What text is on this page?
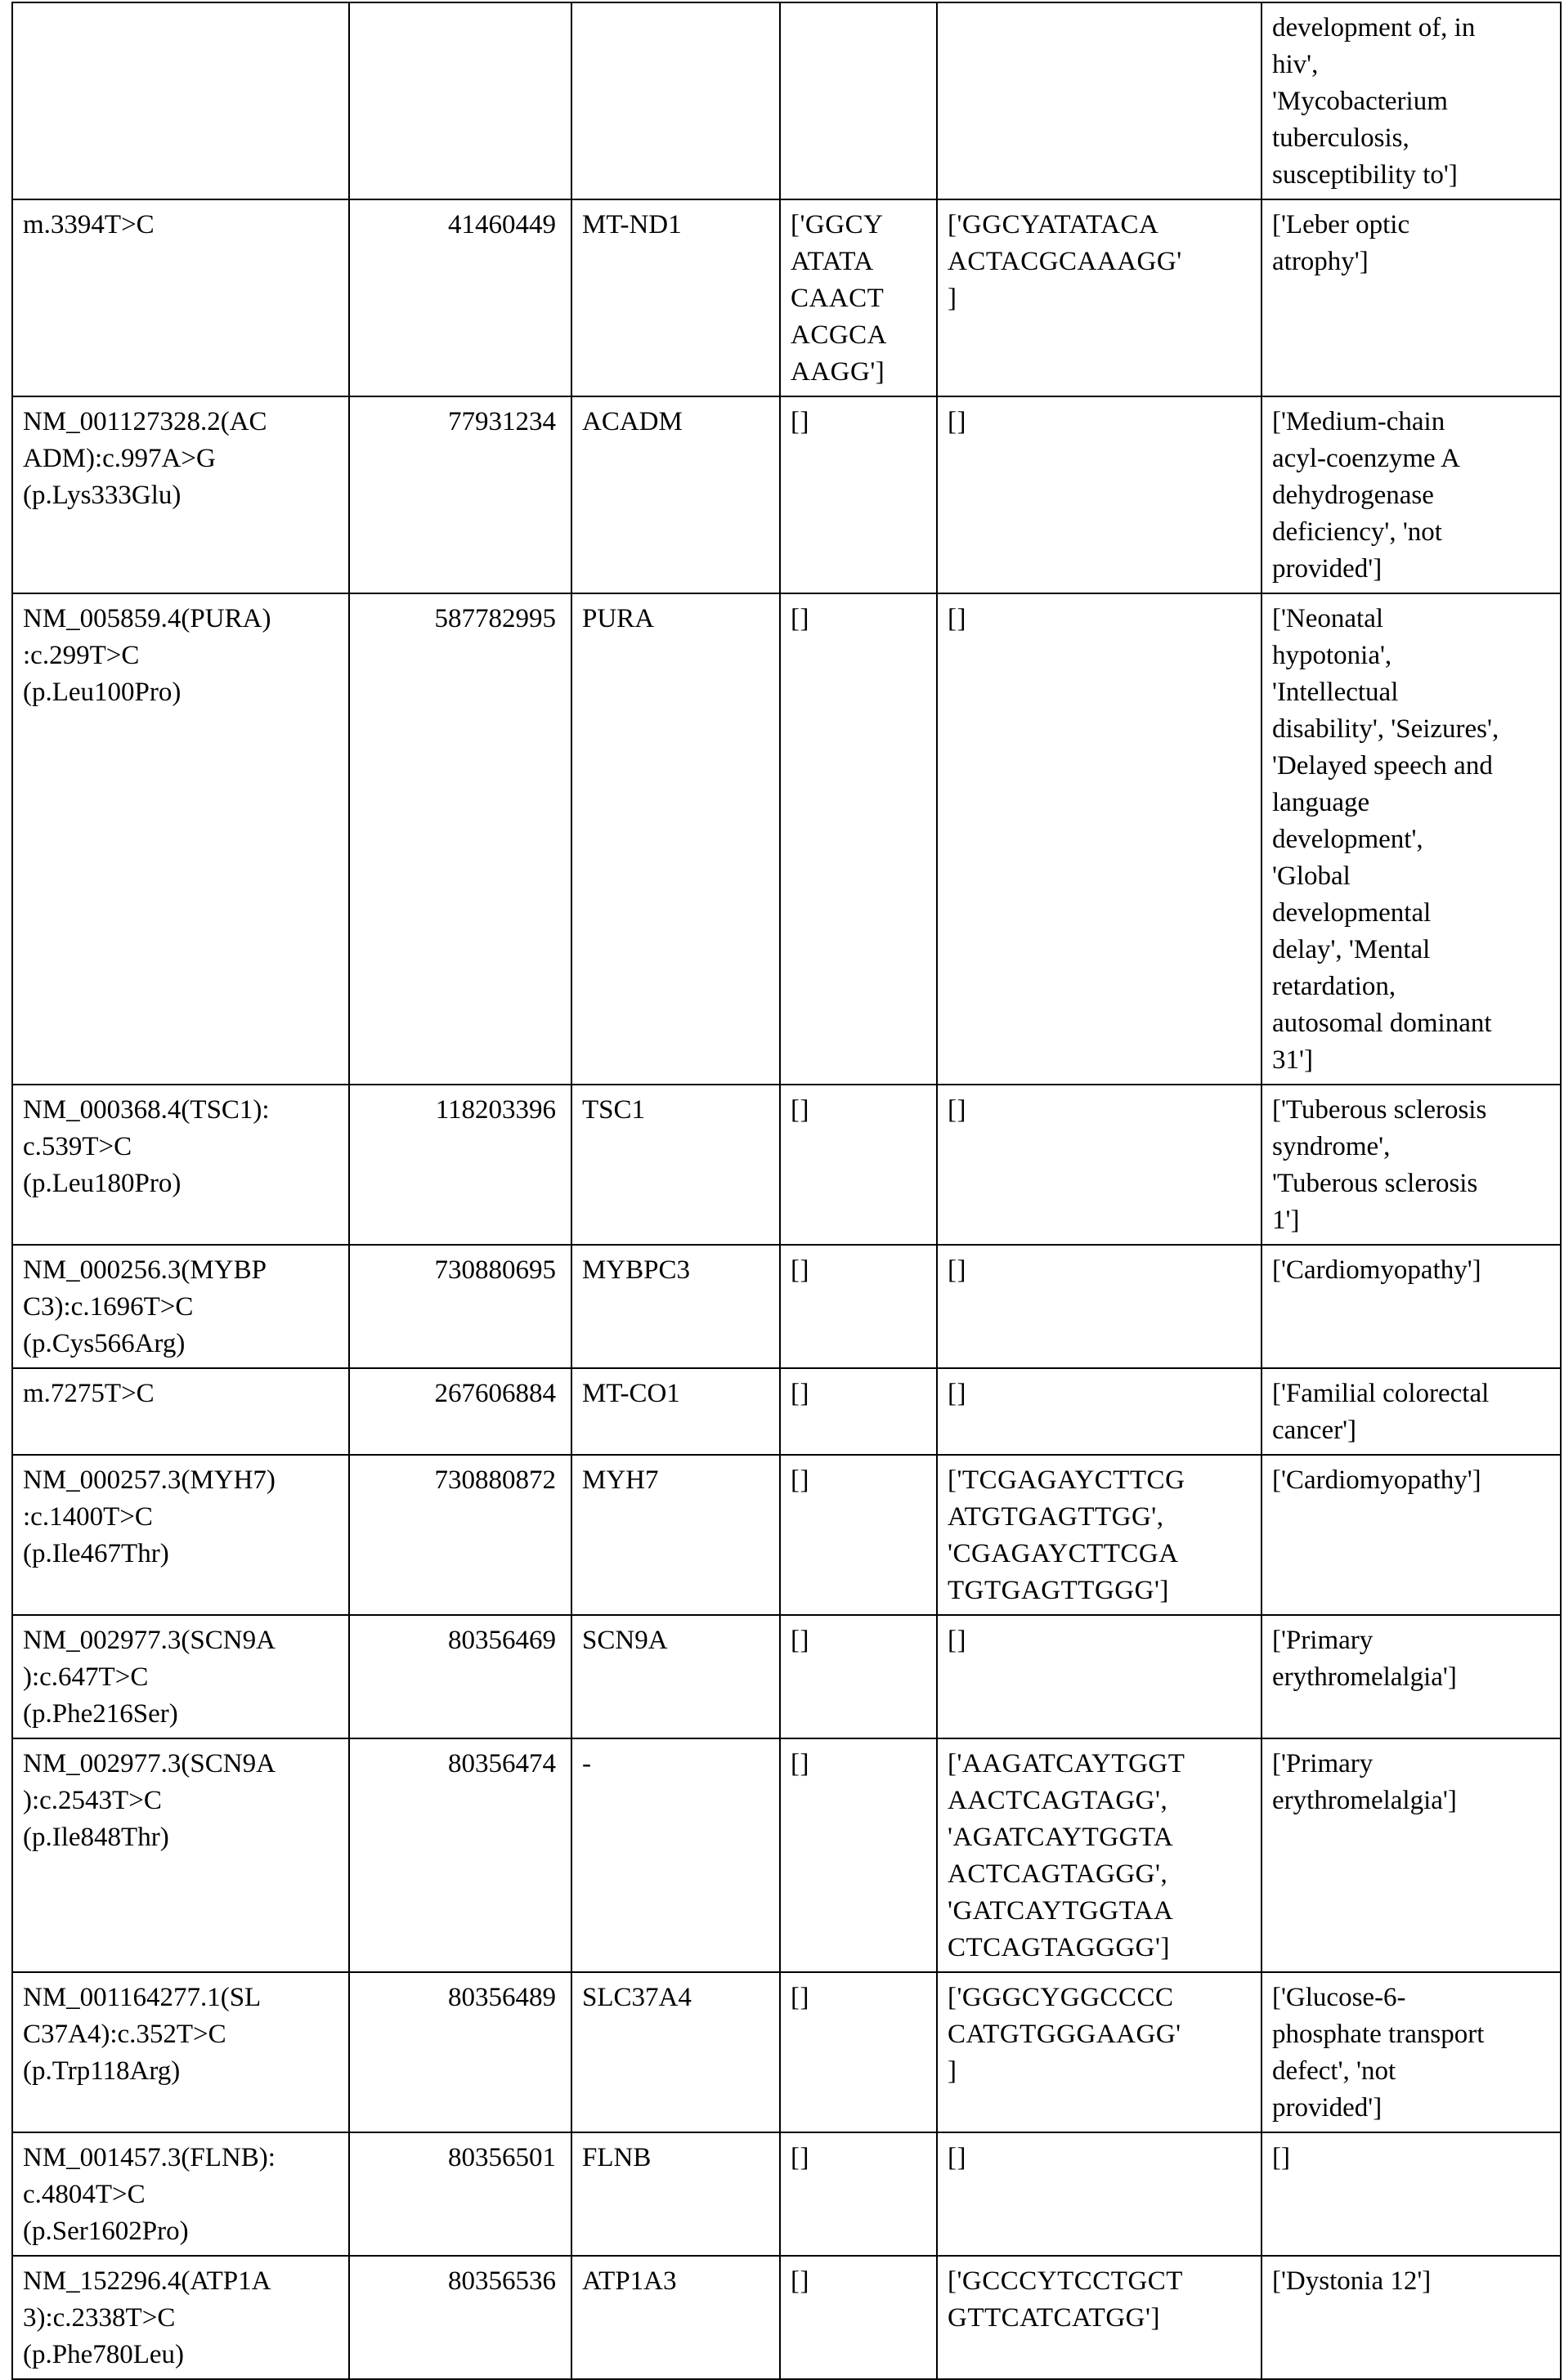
					development of, in
hiv',
'Mycobacterium
tuberculosis,
susceptibility to']
m.3394T>C	41460449	MT-ND1	['GGCY
ATATA
CAACT
ACGCA
AAGG']	['GGCYATATACA
ACTACGCAAAGG'
]	['Leber optic
atrophy']
NM_001127328.2(AC
ADM):c.997A>G
(p.Lys333Glu)	77931234	ACADM	[]	[]	['Medium-chain
acyl-coenzyme A
dehydrogenase
deficiency', 'not
provided']
NM_005859.4(PURA)
:c.299T>C
(p.Leu100Pro)	587782995	PURA	[]	[]	['Neonatal
hypotonia',
'Intellectual
disability', 'Seizures',
'Delayed speech and
language
development',
'Global
developmental
delay', 'Mental
retardation,
autosomal dominant
31']
NM_000368.4(TSC1):
c.539T>C
(p.Leu180Pro)	118203396	TSC1	[]	[]	['Tuberous sclerosis
syndrome',
'Tuberous sclerosis
1']
NM_000256.3(MYBP
C3):c.1696T>C
(p.Cys566Arg)	730880695	MYBPC3	[]	[]	['Cardiomyopathy']
m.7275T>C	267606884	MT-CO1	[]	[]	['Familial colorectal
cancer']
NM_000257.3(MYH7)
:c.1400T>C
(p.Ile467Thr)	730880872	MYH7	[]	['TCGAGAYCTTCG
ATGTGAGTTGG',
'CGAGAYCTTCGA
TGTGAGTTGGG']	['Cardiomyopathy']
NM_002977.3(SCN9A
):c.647T>C
(p.Phe216Ser)	80356469	SCN9A	[]	[]	['Primary
erythromelalgia']
NM_002977.3(SCN9A
):c.2543T>C
(p.Ile848Thr)	80356474	-	[]	['AAGATCAYTGGT
AACTCAGTAGG',
'AGATCAYTGGTA
ACTCAGTAGGG',
'GATCAYTGGTAA
CTCAGTAGGGG']	['Primary
erythromelalgia']
NM_001164277.1(SL
C37A4):c.352T>C
(p.Trp118Arg)	80356489	SLC37A4	[]	['GGGCYGGCCCC
CATGTGGGAAGG'
]	['Glucose-6-
phosphate transport
defect', 'not
provided']
NM_001457.3(FLNB):
c.4804T>C
(p.Ser1602Pro)	80356501	FLNB	[]	[]	[]
NM_152296.4(ATP1A
3):c.2338T>C
(p.Phe780Leu)	80356536	ATP1A3	[]	['GCCCYTCCTGCT
GTTCATCATGG']	['Dystonia 12']
